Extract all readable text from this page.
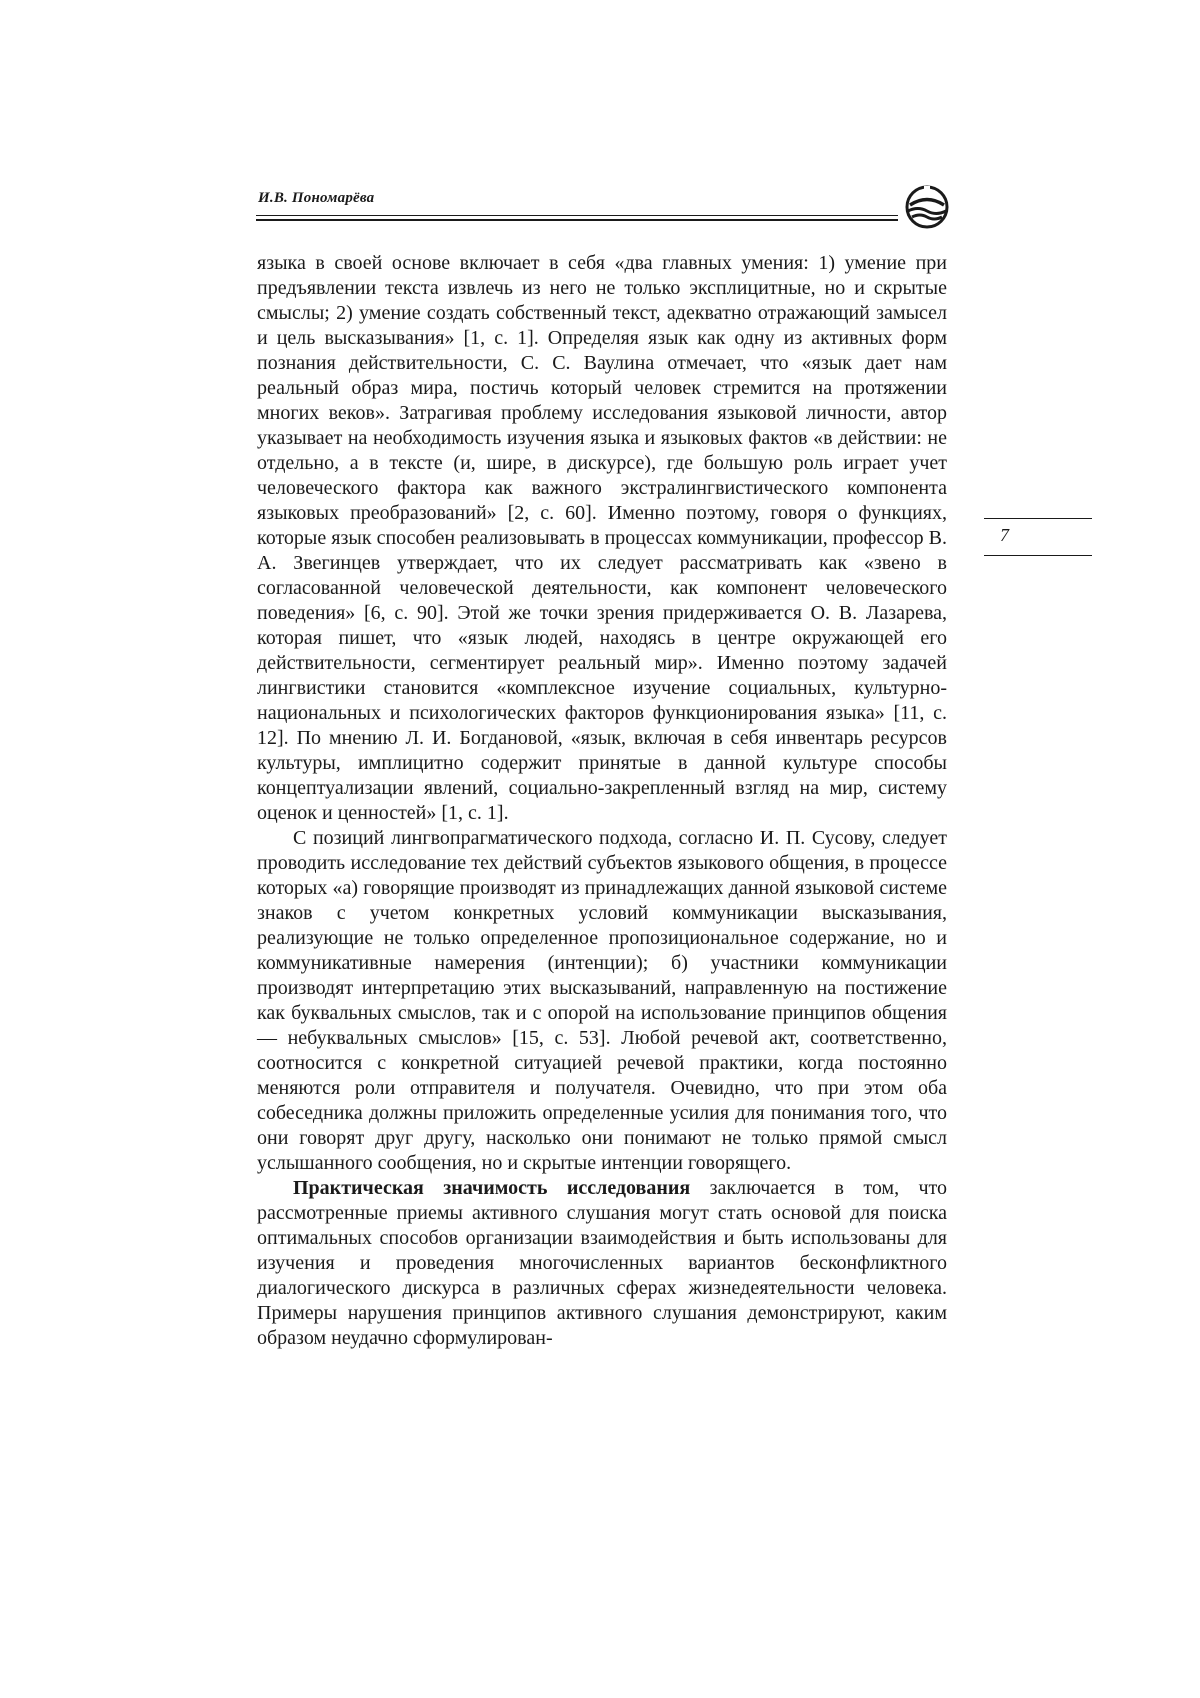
И.В. Пономарёва
7

языка в своей основе включает в себя «два главных умения: 1) умение при предъявлении текста извлечь из него не только эксплицитные, но и скрытые смыслы; 2) умение создать собственный текст, адекватно отражающий замысел и цель высказывания» [1, с. 1]. Определяя язык как одну из активных форм познания действительности, С. С. Ваулина отмечает, что «язык дает нам реальный образ мира, постичь который человек стремится на протяжении многих веков». Затрагивая проблему исследования языковой личности, автор указывает на необходимость изучения языка и языковых фактов «в действии: не отдельно, а в тексте (и, шире, в дискурсе), где большую роль играет учет человеческого фактора как важного экстралингвистического компонента языковых преобразований» [2, с. 60]. Именно поэтому, говоря о функциях, которые язык способен реализовывать в процессах коммуникации, профессор В. А. Звегинцев утверждает, что их следует рассматривать как «звено в согласованной человеческой деятельности, как компонент человеческого поведения» [6, с. 90]. Этой же точки зрения придерживается О. В. Лазарева, которая пишет, что «язык людей, находясь в центре окружающей его действительности, сегментирует реальный мир». Именно поэтому задачей лингвистики становится «комплексное изучение социальных, культурно-национальных и психологических факторов функционирования языка» [11, с. 12]. По мнению Л. И. Богдановой, «язык, включая в себя инвентарь ресурсов культуры, имплицитно содержит принятые в данной культуре способы концептуализации явлений, социально-закрепленный взгляд на мир, систему оценок и ценностей» [1, с. 1].

С позиций лингвопрагматического подхода, согласно И. П. Сусову, следует проводить исследование тех действий субъектов языкового общения, в процессе которых «а) говорящие производят из принадлежащих данной языковой системе знаков с учетом конкретных условий коммуникации высказывания, реализующие не только определенное пропозициональное содержание, но и коммуникативные намерения (интенции); б) участники коммуникации производят интерпретацию этих высказываний, направленную на постижение как буквальных смыслов, так и с опорой на использование принципов общения — небуквальных смыслов» [15, с. 53]. Любой речевой акт, соответственно, соотносится с конкретной ситуацией речевой практики, когда постоянно меняются роли отправителя и получателя. Очевидно, что при этом оба собеседника должны приложить определенные усилия для понимания того, что они говорят друг другу, насколько они понимают не только прямой смысл услышанного сообщения, но и скрытые интенции говорящего.

Практическая значимость исследования заключается в том, что рассмотренные приемы активного слушания могут стать основой для поиска оптимальных способов организации взаимодействия и быть использованы для изучения и проведения многочисленных вариантов бесконфликтного диалогического дискурса в различных сферах жизнедеятельности человека. Примеры нарушения принципов активного слушания демонстрируют, каким образом неудачно сформулирован-
